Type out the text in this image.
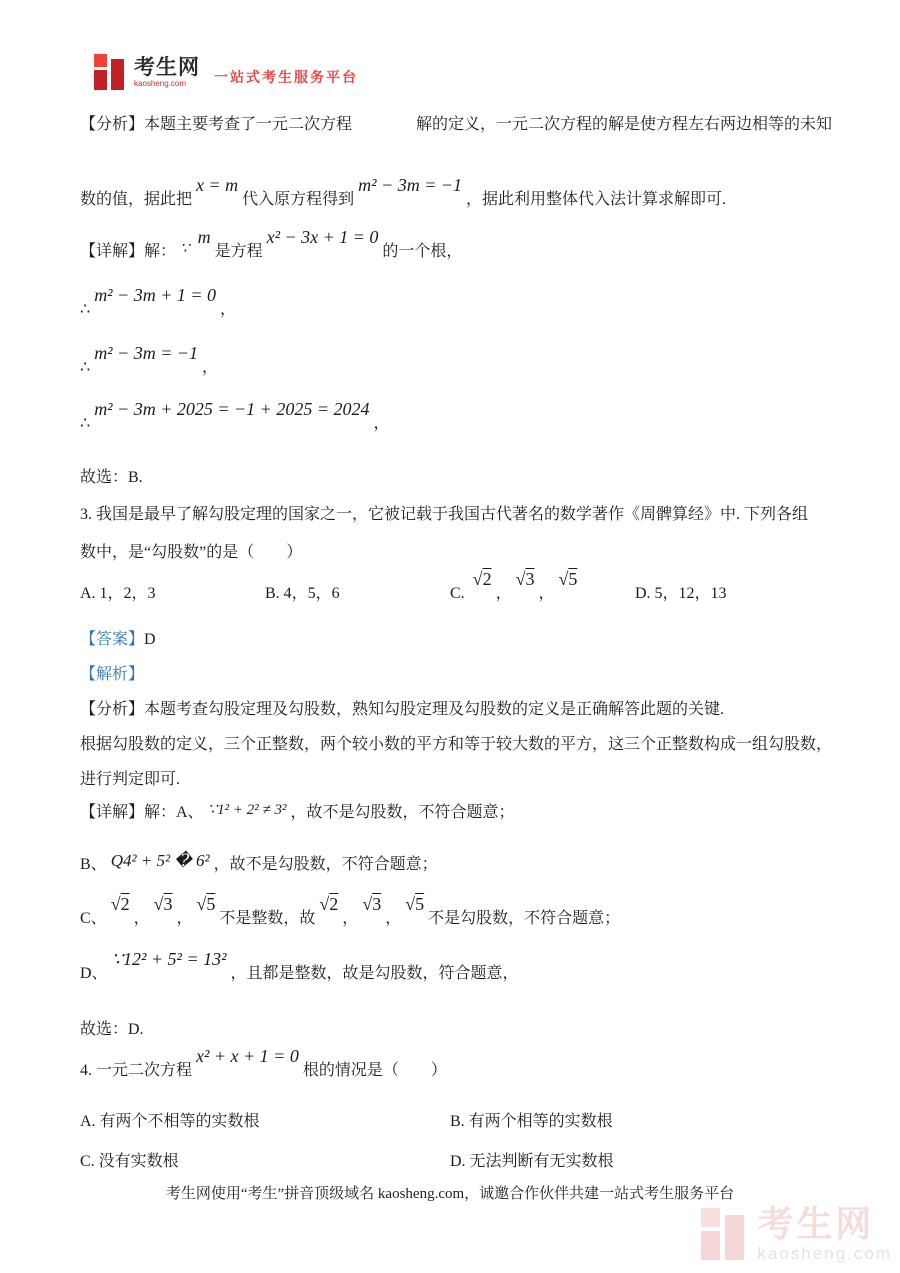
考生网
kaosheng.com	一站式考生服务平台
【分析】本题主要考查了一元二次方程　　　　解的定义，一元二次方程的解是使方程左右两边相等的未知
数的值，据此把x = m代入原方程得到m² − 3m = −1，据此利用整体代入法计算求解即可.
【详解】解： ∵m是方程x² − 3x + 1 = 0的一个根，
∴m² − 3m + 1 = 0，
∴m² − 3m = −1，
∴m² − 3m + 2025 = −1 + 2025 = 2024，
故选：B.
3. 我国是最早了解勾股定理的国家之一，它被记载于我国古代著名的数学著作《周髀算经》中. 下列各组
数中，是“勾股数”的是（　　）
A. 1，2，3	B. 4，5，6	C. √2，√3，√5
D. 5，12，13
【答案】D
【解析】
【分析】本题考查勾股定理及勾股数，熟知勾股定理及勾股数的定义是正确解答此题的关键.
根据勾股数的定义，三个正整数，两个较小数的平方和等于较大数的平方，这三个正整数构成一组勾股数，
进行判定即可.
【详解】解：A、 ∵1² + 2² ≠ 3² ，故不是勾股数，不符合题意；
B、 Q4² + 5² � 6² ，故不是勾股数，不符合题意；
C、√2，√3，√5不是整数，故√2，√3，√5不是勾股数，不符合题意；
D、∵12² + 5² = 13²，且都是整数，故是勾股数，符合题意，
故选：D.
4. 一元二次方程x² + x + 1 = 0根的情况是（　　）
A. 有两个不相等的实数根	B. 有两个相等的实数根
C. 没有实数根	D. 无法判断有无实数根
考生网使用“考生”拼音顶级域名 kaosheng.com，诚邀合作伙伴共建一站式考生服务平台
考生网
kaosheng.com
